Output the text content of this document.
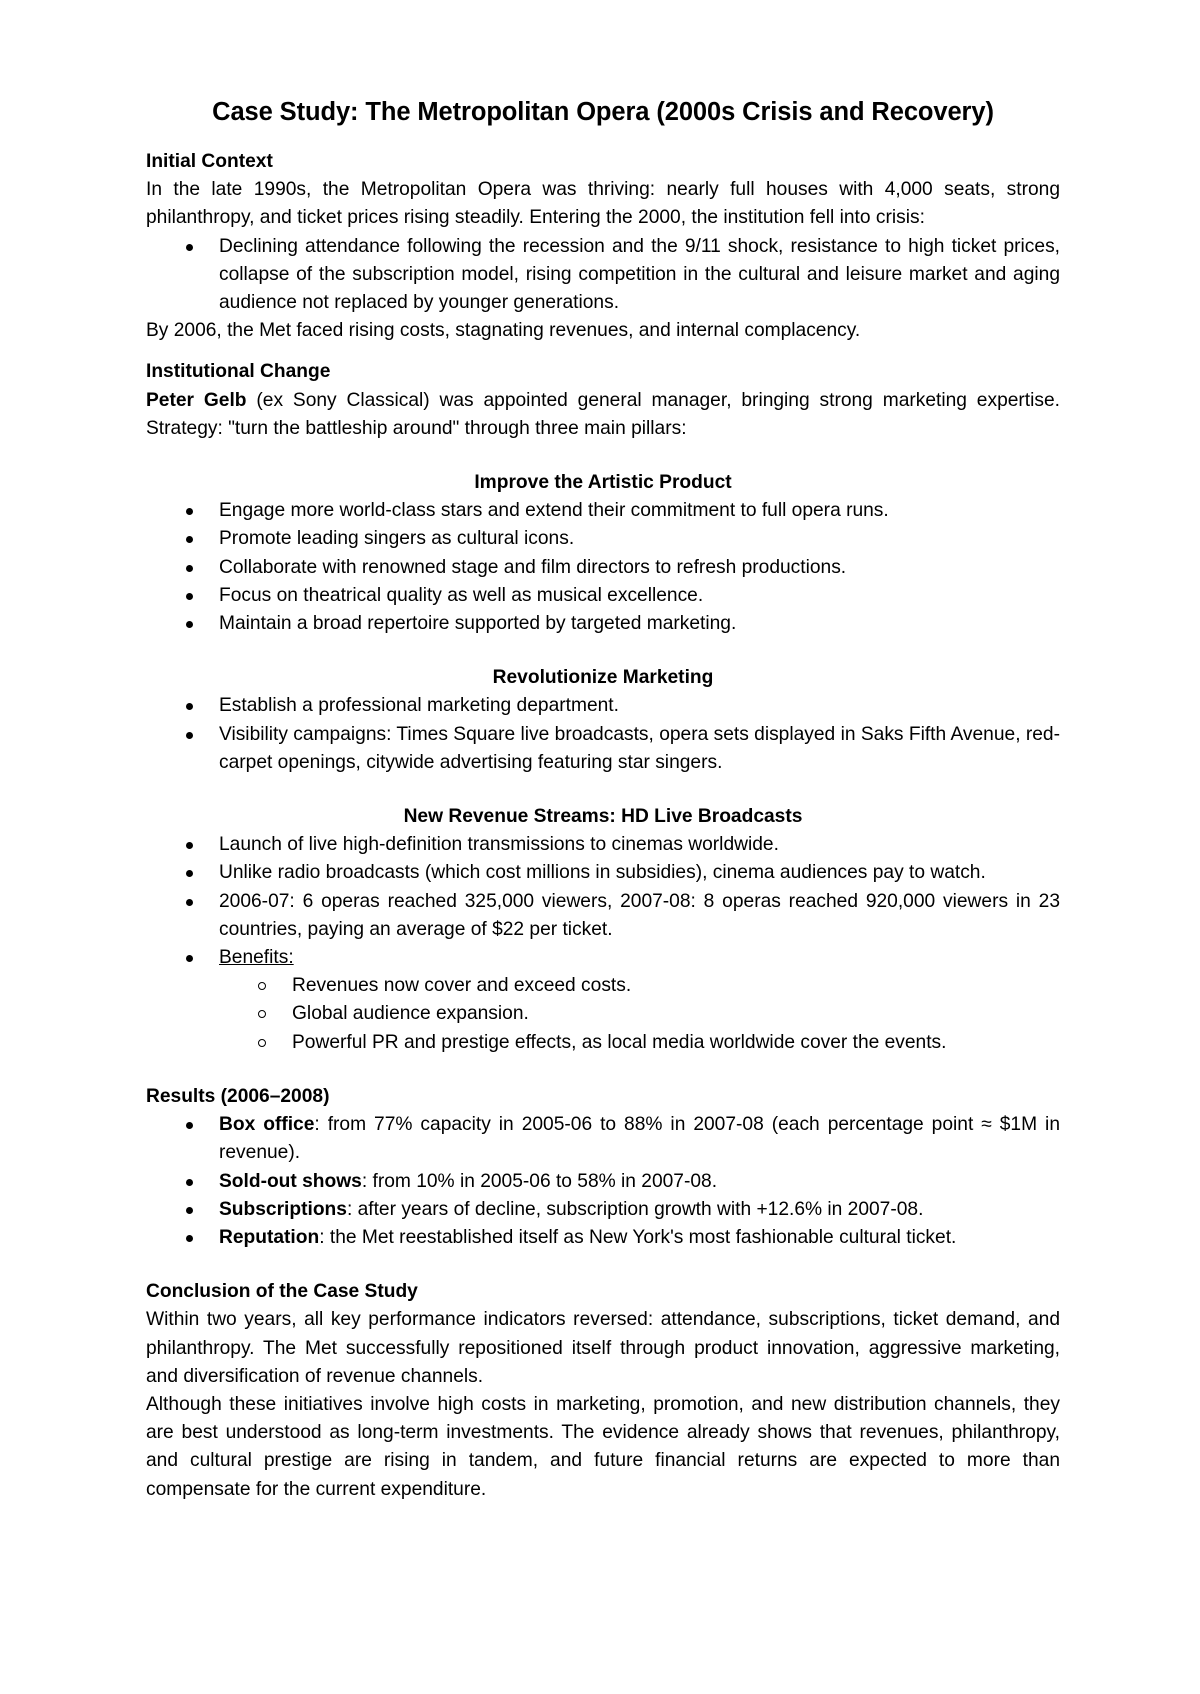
Case Study: The Metropolitan Opera (2000s Crisis and Recovery)

Initial Context

In the late 1990s, the Metropolitan Opera was thriving: nearly full houses with 4,000 seats, strong philanthropy, and ticket prices rising steadily. Entering the 2000, the institution fell into crisis:

Declining attendance following the recession and the 9/11 shock, resistance to high ticket prices, collapse of the subscription model, rising competition in the cultural and leisure market and aging audience not replaced by younger generations.

By 2006, the Met faced rising costs, stagnating revenues, and internal complacency.

Institutional Change

Peter Gelb (ex Sony Classical) was appointed general manager, bringing strong marketing expertise. Strategy: "turn the battleship around" through three main pillars:

Improve the Artistic Product

Engage more world-class stars and extend their commitment to full opera runs.
Promote leading singers as cultural icons.
Collaborate with renowned stage and film directors to refresh productions.
Focus on theatrical quality as well as musical excellence.
Maintain a broad repertoire supported by targeted marketing.

Revolutionize Marketing

Establish a professional marketing department.
Visibility campaigns: Times Square live broadcasts, opera sets displayed in Saks Fifth Avenue, red-carpet openings, citywide advertising featuring star singers.

New Revenue Streams: HD Live Broadcasts

Launch of live high-definition transmissions to cinemas worldwide.
Unlike radio broadcasts (which cost millions in subsidies), cinema audiences pay to watch.
2006-07: 6 operas reached 325,000 viewers, 2007-08: 8 operas reached 920,000 viewers in 23 countries, paying an average of $22 per ticket.
Benefits:
Revenues now cover and exceed costs.
Global audience expansion.
Powerful PR and prestige effects, as local media worldwide cover the events.

Results (2006–2008)

Box office: from 77% capacity in 2005-06 to 88% in 2007-08 (each percentage point ≈ $1M in revenue).
Sold-out shows: from 10% in 2005-06 to 58% in 2007-08.
Subscriptions: after years of decline, subscription growth with +12.6% in 2007-08.
Reputation: the Met reestablished itself as New York's most fashionable cultural ticket.

Conclusion of the Case Study

Within two years, all key performance indicators reversed: attendance, subscriptions, ticket demand, and philanthropy. The Met successfully repositioned itself through product innovation, aggressive marketing, and diversification of revenue channels.

Although these initiatives involve high costs in marketing, promotion, and new distribution channels, they are best understood as long-term investments. The evidence already shows that revenues, philanthropy, and cultural prestige are rising in tandem, and future financial returns are expected to more than compensate for the current expenditure.
